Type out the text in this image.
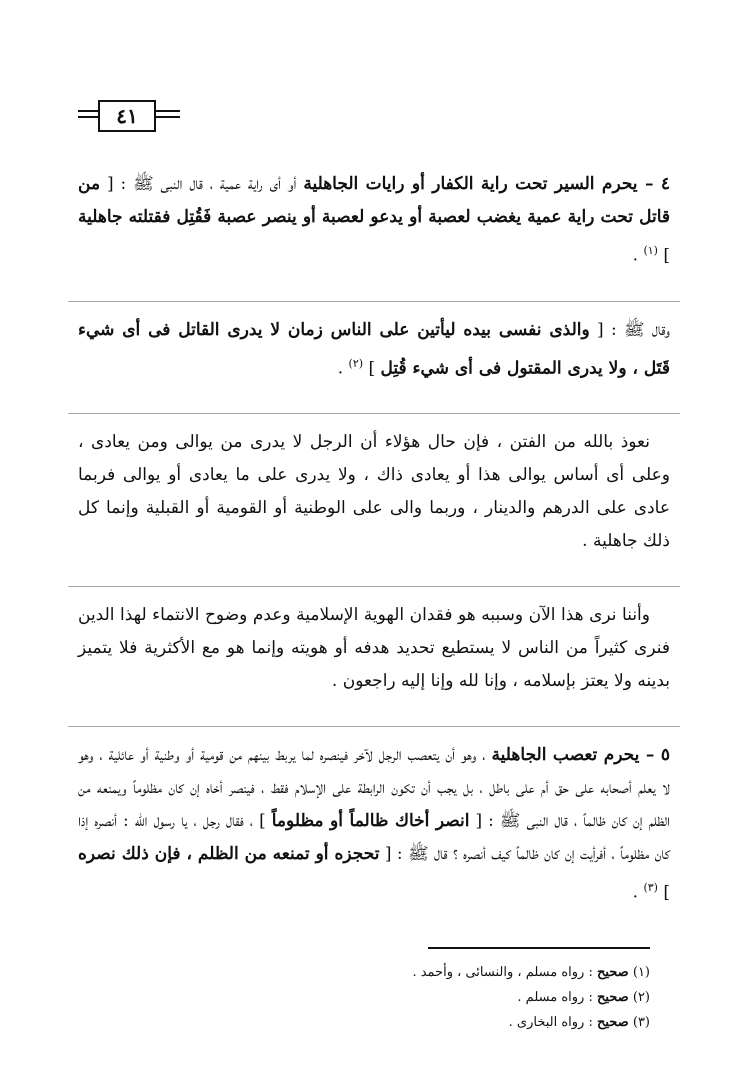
٤١

٤ – يحرم السير تحت راية الكفار أو رايات الجاهلية أو أى راية عمية ، قال النبى ﷺ : [ من قاتل تحت راية عمية يغضب لعصبة أو يدعو لعصبة أو ينصر عصبة فَقُتِل فقتلته جاهلية ] $^{(١)}$ .

وقال ﷺ : [ والذى نفسى بيده ليأتين على الناس زمان لا يدرى القاتل فى أى شيء قَتَل ، ولا يدرى المقتول فى أى شيء قُتِل ] $^{(٢)}$ .

نعوذ بالله من الفتن ، فإن حال هؤلاء أن الرجل لا يدرى من يوالى ومن يعادى ، وعلى أى أساس يوالى هذا أو يعادى ذاك ، ولا يدرى على ما يعادى أو يوالى فربما عادى على الدرهم والدينار ، وربما والى على الوطنية أو القومية أو القبلية وإنما كل ذلك جاهلية .

وأننا نرى هذا الآن وسببه هو فقدان الهوية الإسلامية وعدم وضوح الانتماء لهذا الدين فنرى كثيراً من الناس لا يستطيع تحديد هدفه أو هويته وإنما هو مع الأكثرية فلا يتميز بدينه ولا يعتز بإسلامه ، وإنا لله وإنا إليه راجعون .

٥ – يحرم تعصب الجاهلية ، وهو أن يتعصب الرجل لآخر فينصره لما يربط بينهم من قومية أو وطنية أو عائلية ، وهو لا يعلم أصحابه على حق أم على باطل ، بل يجب أن تكون الرابطة على الإسلام فقط ، فينصر أخاه إن كان مظلوماً ويمنعه من الظلم إن كان ظالماً ، قال النبى ﷺ : [ انصر أخاك ظالماً أو مظلوماً ] ، فقال رجل ، يا رسول الله : أنصره إذا كان مظلوماً ، أفرأيت إن كان ظالماً كيف أنصره ؟ قال ﷺ : [ تحجزه أو تمنعه من الظلم ، فإن ذلك نصره ] $^{(٣)}$ .

(١) صحيح : رواه مسلم ، والنسائى ، وأحمد .
(٢) صحيح : رواه مسلم .
(٣) صحيح : رواه البخارى .
